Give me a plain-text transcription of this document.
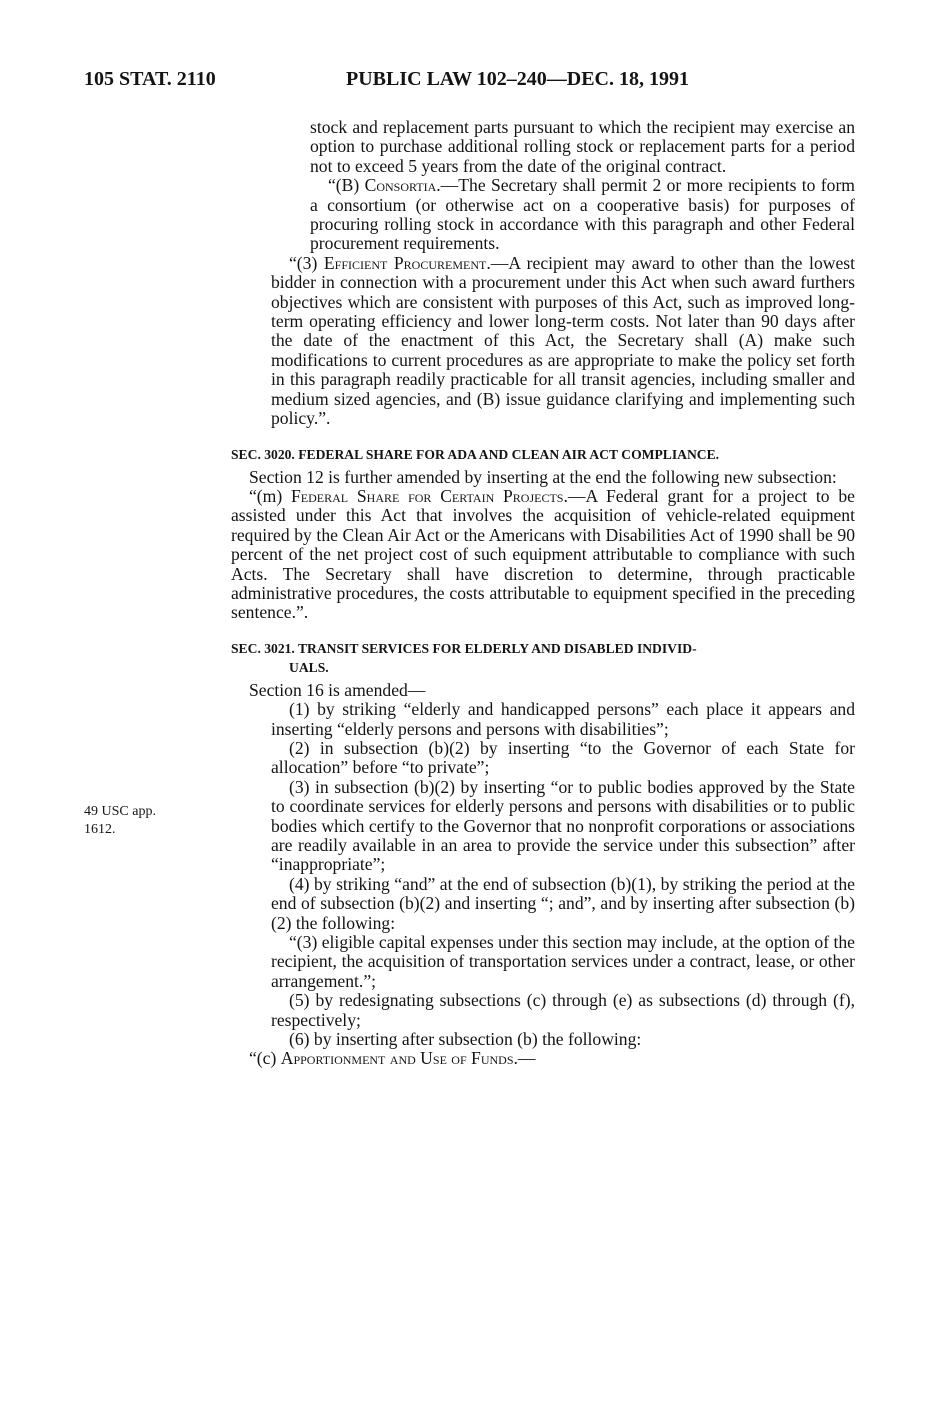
105 STAT. 2110	PUBLIC LAW 102–240—DEC. 18, 1991
49 USC app.
1612.

stock and replacement parts pursuant to which the recipient may exercise an option to purchase additional rolling stock or replacement parts for a period not to exceed 5 years from the date of the original contract.

“(B) Consortia.—The Secretary shall permit 2 or more recipients to form a consortium (or otherwise act on a cooperative basis) for purposes of procuring rolling stock in accordance with this paragraph and other Federal procurement requirements.

“(3) Efficient Procurement.—A recipient may award to other than the lowest bidder in connection with a procurement under this Act when such award furthers objectives which are consistent with purposes of this Act, such as improved long-term operating efficiency and lower long-term costs. Not later than 90 days after the date of the enactment of this Act, the Secretary shall (A) make such modifications to current procedures as are appropriate to make the policy set forth in this paragraph readily practicable for all transit agencies, including smaller and medium sized agencies, and (B) issue guidance clarifying and implementing such policy.”.

SEC. 3020. FEDERAL SHARE FOR ADA AND CLEAN AIR ACT COMPLIANCE.

Section 12 is further amended by inserting at the end the following new subsection:

“(m) Federal Share for Certain Projects.—A Federal grant for a project to be assisted under this Act that involves the acquisition of vehicle-related equipment required by the Clean Air Act or the Americans with Disabilities Act of 1990 shall be 90 percent of the net project cost of such equipment attributable to compliance with such Acts. The Secretary shall have discretion to determine, through practicable administrative procedures, the costs attributable to equipment specified in the preceding sentence.”.

SEC. 3021. TRANSIT SERVICES FOR ELDERLY AND DISABLED INDIVID-
UALS.

Section 16 is amended—

(1) by striking “elderly and handicapped persons” each place it appears and inserting “elderly persons and persons with disabilities”;

(2) in subsection (b)(2) by inserting “to the Governor of each State for allocation” before “to private”;

(3) in subsection (b)(2) by inserting “or to public bodies approved by the State to coordinate services for elderly persons and persons with disabilities or to public bodies which certify to the Governor that no nonprofit corporations or associations are readily available in an area to provide the service under this subsection” after “inappropriate”;

(4) by striking “and” at the end of subsection (b)(1), by striking the period at the end of subsection (b)(2) and inserting “; and”, and by inserting after subsection (b)(2) the following:

“(3) eligible capital expenses under this section may include, at the option of the recipient, the acquisition of transportation services under a contract, lease, or other arrangement.”;

(5) by redesignating subsections (c) through (e) as subsections (d) through (f), respectively;

(6) by inserting after subsection (b) the following:

“(c) Apportionment and Use of Funds.—
